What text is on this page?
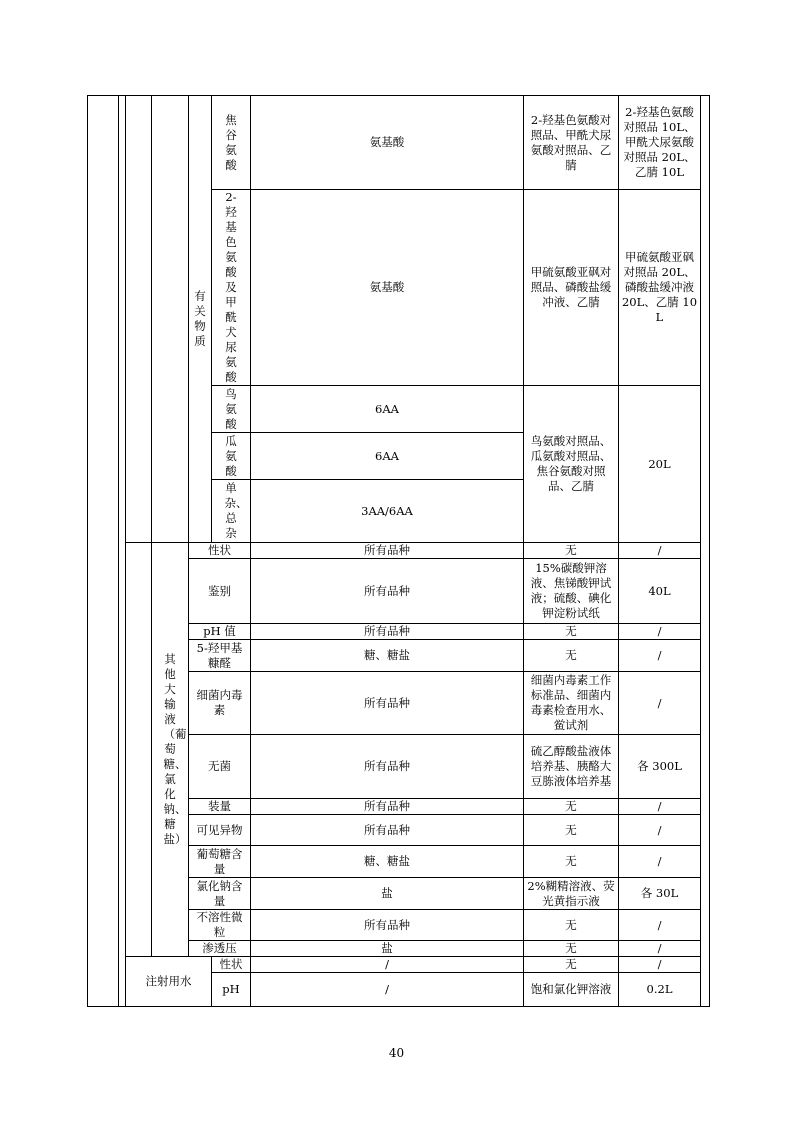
				有关物质	焦谷氨酸	氨基酸	2-羟基色氨酸对照品、甲酰犬尿氨酸对照品、乙腈	2-羟基色氨酸对照品 10L、甲酰犬尿氨酸对照品 20L、乙腈 10L	

					2-羟基色氨酸及甲酰犬尿氨酸	氨基酸	甲硫氨酸亚砜对照品、磷酸盐缓冲液、乙腈	甲硫氨酸亚砜对照品 20L、磷酸盐缓冲液 20L、乙腈 10L	

					鸟氨酸	6AA	鸟氨酸对照品、瓜氨酸对照品、焦谷氨酸对照品、乙腈	20L	

					瓜氨酸	6AA			

					单杂、总杂	3AA/6AA			

			其他大输液（葡萄糖、氯化钠、糖盐）	性状		所有品种	无	/	
				鉴别		所有品种	15%碳酸钾溶液、焦锑酸钾试液；硫酸、碘化钾淀粉试纸	40L	
				pH 值		所有品种	无	/	
				5-羟甲基糠醛		糖、糖盐	无	/	
				细菌内毒素		所有品种	细菌内毒素工作标准品、细菌内毒素检查用水、鲎试剂	/	
				无菌		所有品种	硫乙醇酸盐液体培养基、胰酪大豆胨液体培养基	各 300L	
				装量		所有品种	无	/	
				可见异物		所有品种	无	/	
				葡萄糖含量		糖、糖盐	无	/	
				氯化钠含量		盐	2%糊精溶液、荧光黄指示液	各 30L	
				不溶性微粒		所有品种	无	/	
				渗透压		盐	无	/	
		注射用水			性状	/	无	/	
					pH	/	饱和氯化钾溶液	0.2L	
40
